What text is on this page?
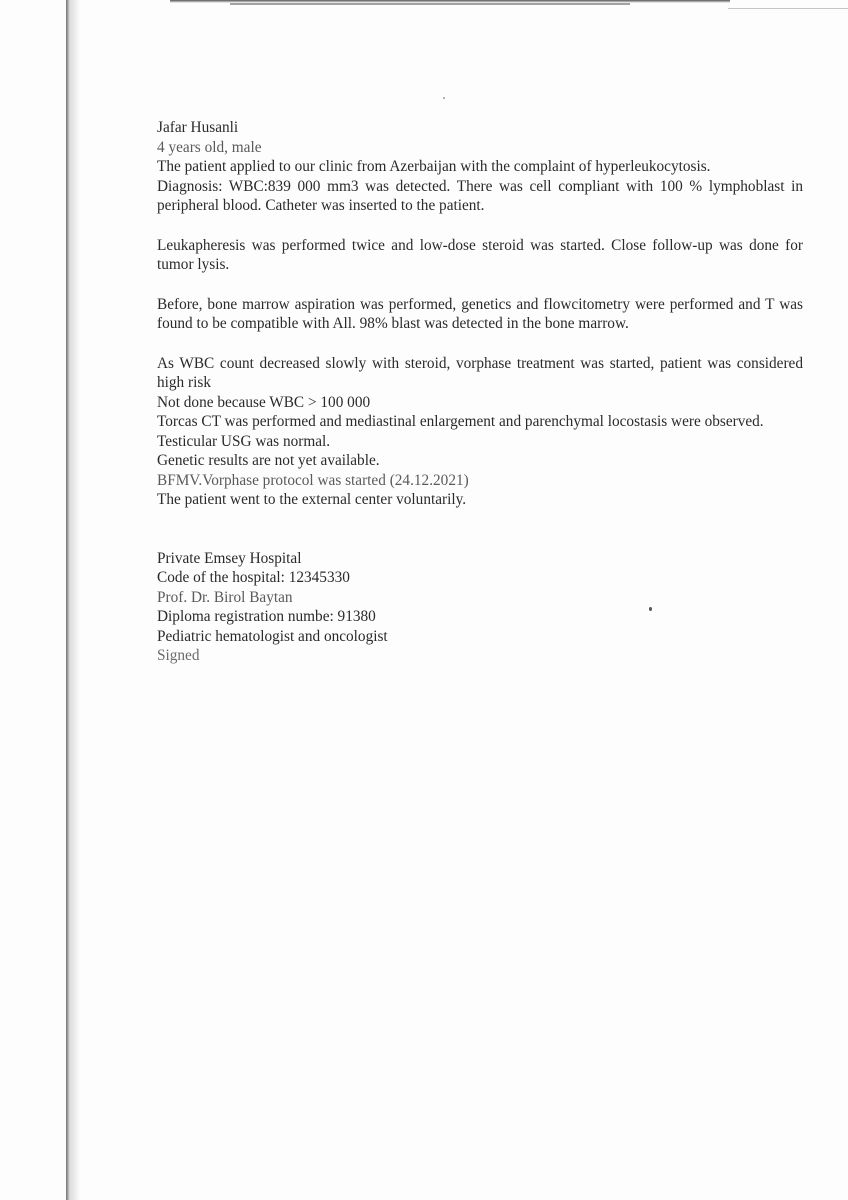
Jafar Husanli
4 years old, male
The patient applied to our clinic from Azerbaijan with the complaint of hyperleukocytosis.

Diagnosis: WBC:839 000 mm3 was detected. There was cell compliant with 100 % lymphoblast in peripheral blood. Catheter was inserted to the patient.

Leukapheresis was performed twice and low-dose steroid was started. Close follow-up was done for tumor lysis.

Before, bone marrow aspiration was performed, genetics and flowcitometry were performed and T was found to be compatible with All. 98% blast was detected in the bone marrow.

As WBC count decreased slowly with steroid, vorphase treatment was started, patient was considered high risk

Not done because WBC > 100 000

Torcas CT was performed and mediastinal enlargement and parenchymal locostasis were observed.

Testicular USG was normal.
Genetic results are not yet available.
BFMV.Vorphase protocol was started (24.12.2021)
The patient went to the external center voluntarily.
Private Emsey Hospital
Code of the hospital: 12345330
Prof. Dr. Birol Baytan
Diploma registration numbe: 91380
Pediatric hematologist and oncologist
Signed
